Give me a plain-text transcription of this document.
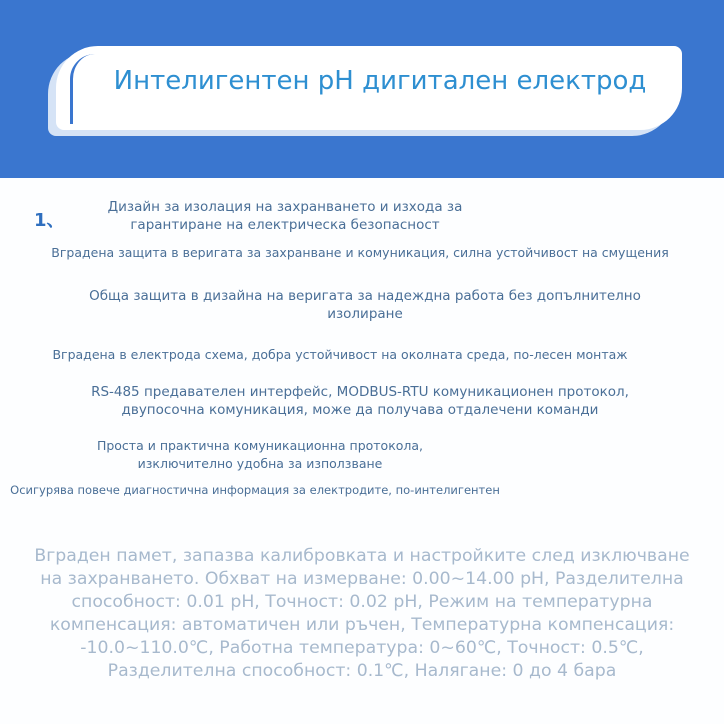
Интелигентен pH дигитален електрод
1、
Дизайн за изолация на захранването и изхода за гарантиране на електрическа безопасност
Вградена защита в веригата за захранване и комуникация, силна устойчивост на смущения
Обща защита в дизайна на веригата за надеждна работа без допълнително изолиране
Вградена в електрода схема, добра устойчивост на околната среда, по-лесен монтаж
RS-485 предавателен интерфейс, MODBUS-RTU комуникационен протокол, двупосочна комуникация, може да получава отдалечени команди
Проста и практична комуникационна протокола, изключително удобна за използване
Осигурява повече диагностична информация за електродите, по-интелигентен
Вграден памет, запазва калибровката и настройките след изключване на захранването. Обхват на измерване: 0.00~14.00 pH, Разделителна способност: 0.01 pH, Точност: 0.02 pH, Режим на температурна компенсация: автоматичен или ръчен, Температурна компенсация: -10.0~110.0℃, Работна температура: 0~60℃, Точност: 0.5℃, Разделителна способност: 0.1℃, Налягане: 0 до 4 бара
